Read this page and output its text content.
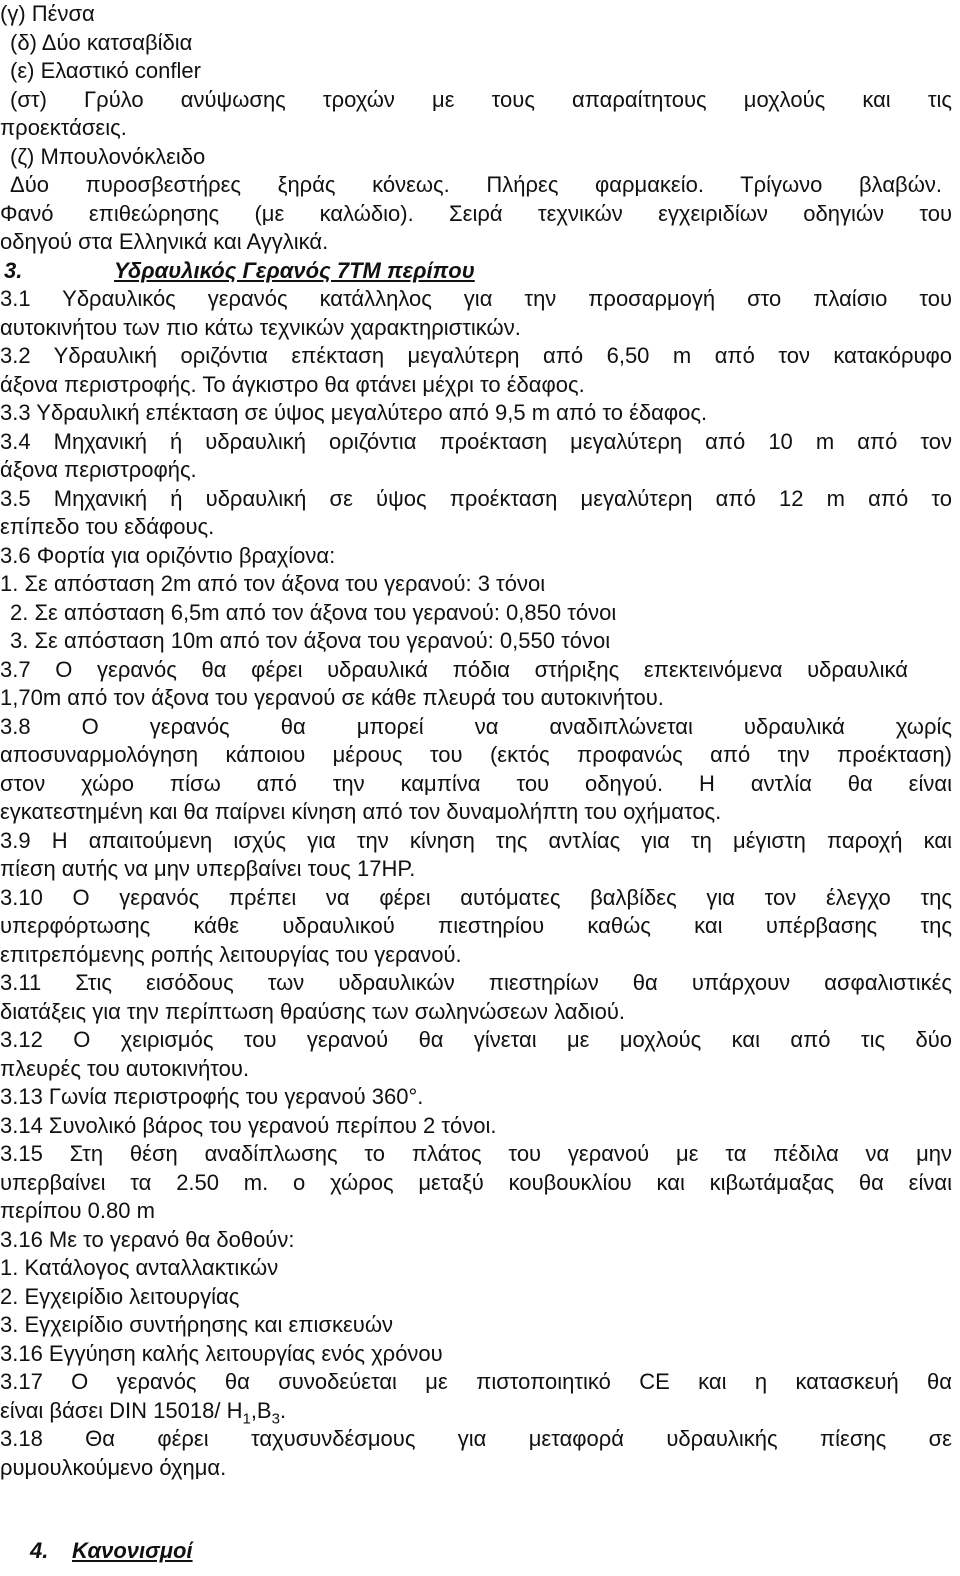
(γ) Πένσα
(δ) Δύο κατσαβίδια
(ε) Ελαστικό confler
(στ) Γρύλο ανύψωσης τροχών με τους απαραίτητους μοχλούς και τις
προεκτάσεις.
(ζ) Μπουλονόκλειδο
Δύο πυροσβεστήρες ξηράς κόνεως. Πλήρες φαρμακείο. Τρίγωνο βλαβών.
Φανό επιθεώρησης (με καλώδιο). Σειρά τεχνικών εγχειριδίων οδηγιών του
οδηγού στα Ελληνικά και Αγγλικά.
3.	Υδραυλικός Γερανός 7ΤΜ περίπου
3.1 Υδραυλικός γερανός κατάλληλος για την προσαρμογή στο πλαίσιο του
αυτοκινήτου των πιο κάτω τεχνικών χαρακτηριστικών.
3.2 Υδραυλική οριζόντια επέκταση μεγαλύτερη από 6,50 m από τον κατακόρυφο
άξονα περιστροφής. Το άγκιστρο θα φτάνει μέχρι το έδαφος.
3.3 Υδραυλική επέκταση σε ύψος μεγαλύτερο από 9,5 m από το έδαφος.
3.4 Μηχανική ή υδραυλική οριζόντια προέκταση μεγαλύτερη από 10 m από τον
άξονα περιστροφής.
3.5 Μηχανική ή υδραυλική σε ύψος προέκταση μεγαλύτερη από 12 m από το
επίπεδο του εδάφους.
3.6 Φορτία για οριζόντιο βραχίονα:
1. Σε απόσταση 2m από τον άξονα του γερανού: 3 τόνοι
2. Σε απόσταση 6,5m από τον άξονα του γερανού: 0,850 τόνοι
3. Σε απόσταση 10m από τον άξονα του γερανού: 0,550 τόνοι
3.7 Ο γερανός θα φέρει υδραυλικά πόδια στήριξης επεκτεινόμενα υδραυλικά
1,70m από τον άξονα του γερανού σε κάθε πλευρά του αυτοκινήτου.
3.8 Ο γερανός θα μπορεί να αναδιπλώνεται υδραυλικά χωρίς
αποσυναρμολόγηση κάποιου μέρους του (εκτός προφανώς από την προέκταση)
στον χώρο πίσω από την καμπίνα του οδηγού. Η αντλία θα είναι
εγκατεστημένη και θα παίρνει κίνηση από τον δυναμολήπτη του οχήματος.
3.9 Η απαιτούμενη ισχύς για την κίνηση της αντλίας για τη μέγιστη παροχή και
πίεση αυτής να μην υπερβαίνει τους 17HP.
3.10 Ο γερανός πρέπει να φέρει αυτόματες βαλβίδες για τον έλεγχο της
υπερφόρτωσης κάθε υδραυλικού πιεστηρίου καθώς και υπέρβασης της
επιτρεπόμενης ροπής λειτουργίας του γερανού.
3.11 Στις εισόδους των υδραυλικών πιεστηρίων θα υπάρχουν ασφαλιστικές
διατάξεις για την περίπτωση θραύσης των σωληνώσεων λαδιού.
3.12 Ο χειρισμός του γερανού θα γίνεται με μοχλούς και από τις δύο
πλευρές του αυτοκινήτου.
3.13 Γωνία περιστροφής του γερανού 360°.
3.14 Συνολικό βάρος του γερανού περίπου 2 τόνοι.
3.15 Στη θέση αναδίπλωσης το πλάτος του γερανού με τα πέδιλα να μην
υπερβαίνει τα 2.50 m. ο χώρος μεταξύ κουβουκλίου και κιβωτάμαξας θα είναι
περίπου 0.80 m
3.16 Με το γερανό θα δοθούν:
1. Κατάλογος ανταλλακτικών
2. Εγχειρίδιο λειτουργίας
3. Εγχειρίδιο συντήρησης και επισκευών
3.16 Εγγύηση καλής λειτουργίας ενός χρόνου
3.17 Ο γερανός θα συνοδεύεται με πιστοποιητικό CE και η κατασκευή θα
είναι βάσει DIN 15018/ $H_1,B_3$.
3.18 Θα φέρει ταχυσυνδέσμους για μεταφορά υδραυλικής πίεσης σε
ρυμουλκούμενο όχημα.
4. Κανονισμοί
